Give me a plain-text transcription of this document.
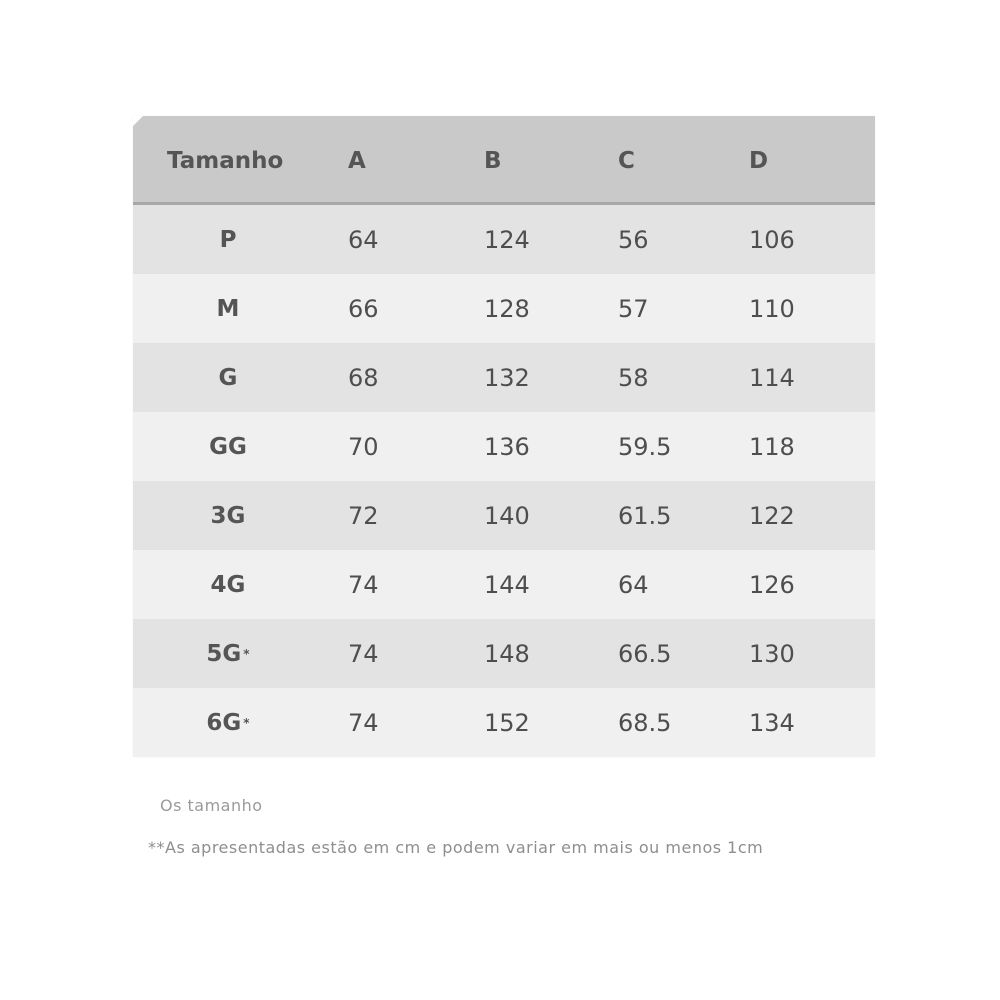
Tamanho	A	B	C	D
P	64	124	56	106
M	66	128	57	110
G	68	132	58	114
GG	70	136	59.5	118
3G	72	140	61.5	122
4G	74	144	64	126
5G *	74	148	66.5	130
6G *	74	152	68.5	134
Os tamanho
**As apresentadas estão em cm e podem variar em mais ou menos 1cm
